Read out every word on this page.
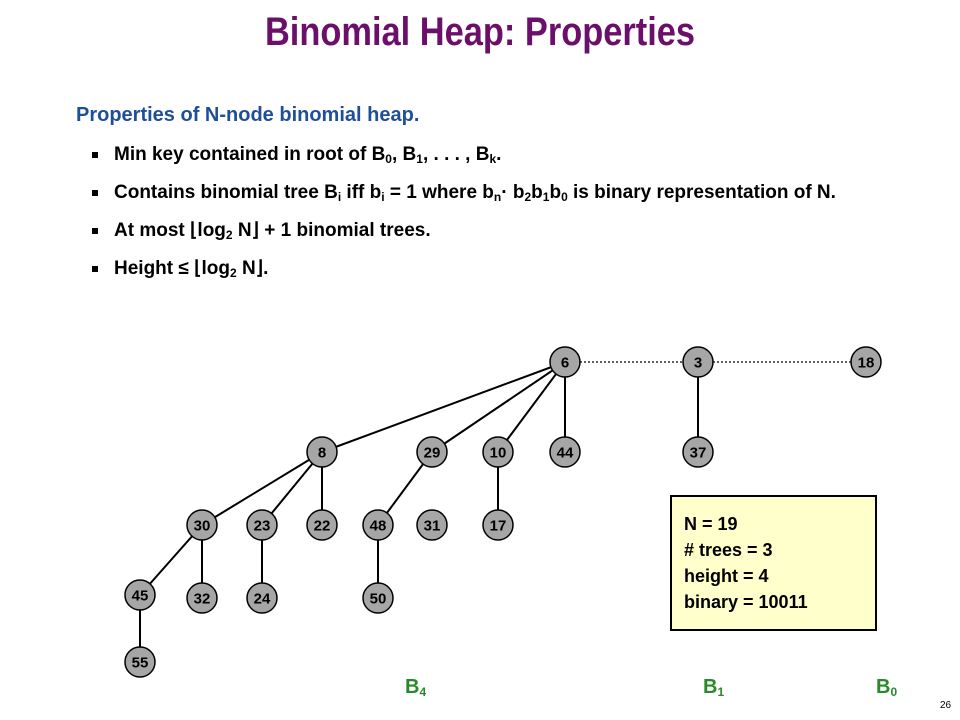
Binomial Heap: Properties
Properties of N-node binomial heap.
Min key contained in root of $B_0$, $B_1$, . . . , $B_k$.
Contains binomial tree $B_i$ iff $b_i = 1$ where $b_n\cdot b_2b_1b_0$ is binary representation of N.
At most $⌊\log_2$ N⌋ + 1 binomial trees.
Height ≤ $⌊\log_2$ N⌋.
6	3	18
8	29	10	44	37
30	23	22	48 31	17
45	32	24	50
55
N = 19
# trees = 3
height = 4
binary = 10011
$B_4$	$B_1$	$B_0$
26
